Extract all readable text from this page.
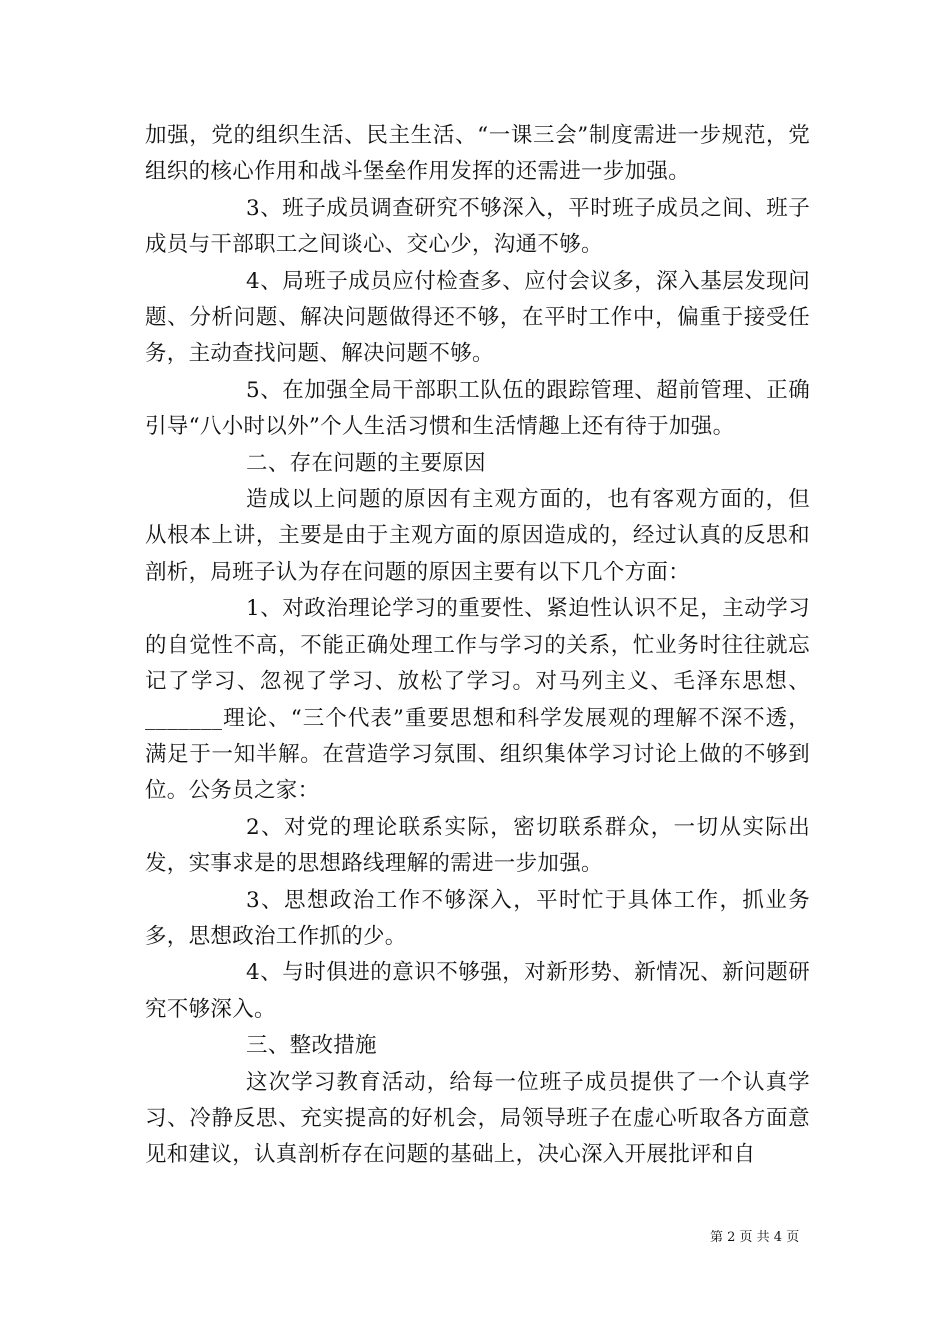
加强，党的组织生活、民主生活、“一课三会”制度需进一步规范，党组织的核心作用和战斗堡垒作用发挥的还需进一步加强。

3、班子成员调查研究不够深入，平时班子成员之间、班子成员与干部职工之间谈心、交心少，沟通不够。

4、局班子成员应付检查多、应付会议多，深入基层发现问题、分析问题、解决问题做得还不够，在平时工作中，偏重于接受任务，主动查找问题、解决问题不够。

5、在加强全局干部职工队伍的跟踪管理、超前管理、正确引导“八小时以外”个人生活习惯和生活情趣上还有待于加强。

二、存在问题的主要原因

造成以上问题的原因有主观方面的，也有客观方面的，但从根本上讲，主要是由于主观方面的原因造成的，经过认真的反思和剖析，局班子认为存在问题的原因主要有以下几个方面：

1、对政治理论学习的重要性、紧迫性认识不足，主动学习的自觉性不高，不能正确处理工作与学习的关系，忙业务时往往就忘记了学习、忽视了学习、放松了学习。对马列主义、毛泽东思想、_______理论、“三个代表”重要思想和科学发展观的理解不深不透，满足于一知半解。在营造学习氛围、组织集体学习讨论上做的不够到位。公务员之家：

2、对党的理论联系实际，密切联系群众，一切从实际出发，实事求是的思想路线理解的需进一步加强。

3、思想政治工作不够深入，平时忙于具体工作，抓业务多，思想政治工作抓的少。

4、与时俱进的意识不够强，对新形势、新情况、新问题研究不够深入。

三、整改措施

这次学习教育活动，给每一位班子成员提供了一个认真学习、冷静反思、充实提高的好机会，局领导班子在虚心听取各方面意见和建议，认真剖析存在问题的基础上，决心深入开展批评和自

第 2 页 共 4 页
